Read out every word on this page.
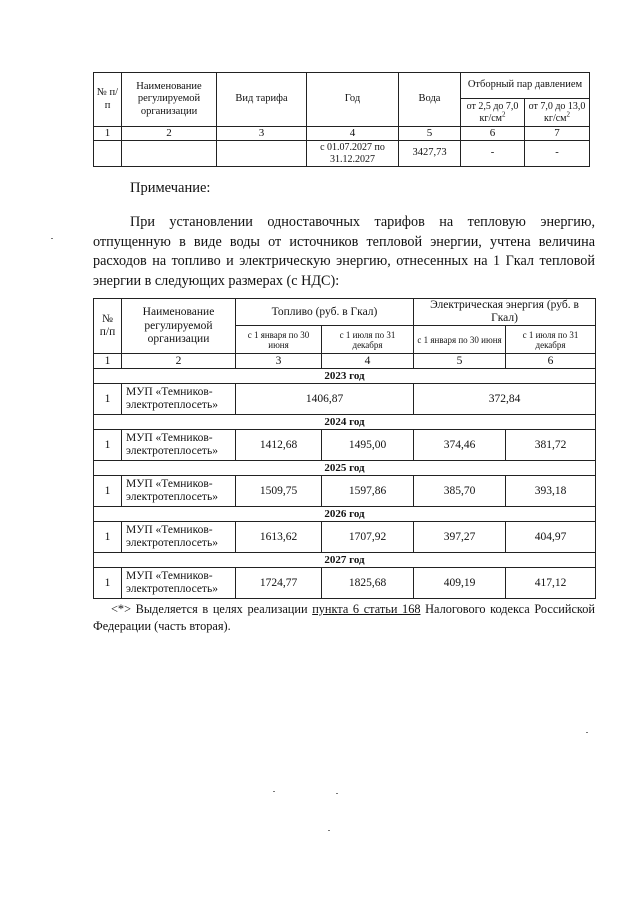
№ п/п	Наименование регулируемой организации	Вид тарифа	Год	Вода	Отборный пар давлением	
					от 2,5 до 7,0 $кг/см^2$	от 7,0 до 13,0 $кг/см^2$
1	2	3	4	5	6	7
			с 01.07.2027 по 31.12.2027	3427,73	-	-
Примечание:

При установлении одноставочных тарифов на тепловую энергию, отпущенную в виде воды от источников тепловой энергии, учтена величина расходов на топливо и электрическую энергию, отнесенных на 1 Гкал тепловой энергии в следующих размерах (с НДС):

№ п/п	Наименование регулируемой организации	Топливо (руб. в Гкал)		Электрическая энергия (руб. в Гкал)	
		с 1 января по 30 июня	с 1 июля по 31 декабря	с 1 января по 30 июня	с 1 июля по 31 декабря
1	2	3	4	5	6
2023 год					
1	МУП «Темников-электротеплосеть»	1406,87		372,84	
2024 год					
1	МУП «Темников-электротеплосеть»	1412,68	1495,00	374,46	381,72
2025 год					
1	МУП «Темников-электротеплосеть»	1509,75	1597,86	385,70	393,18
2026 год					
1	МУП «Темников-электротеплосеть»	1613,62	1707,92	397,27	404,97
2027 год					
1	МУП «Темников-электротеплосеть»	1724,77	1825,68	409,19	417,12

<*> Выделяется в целях реализации пункта 6 статьи 168 Налогового кодекса Российской Федерации (часть вторая).
